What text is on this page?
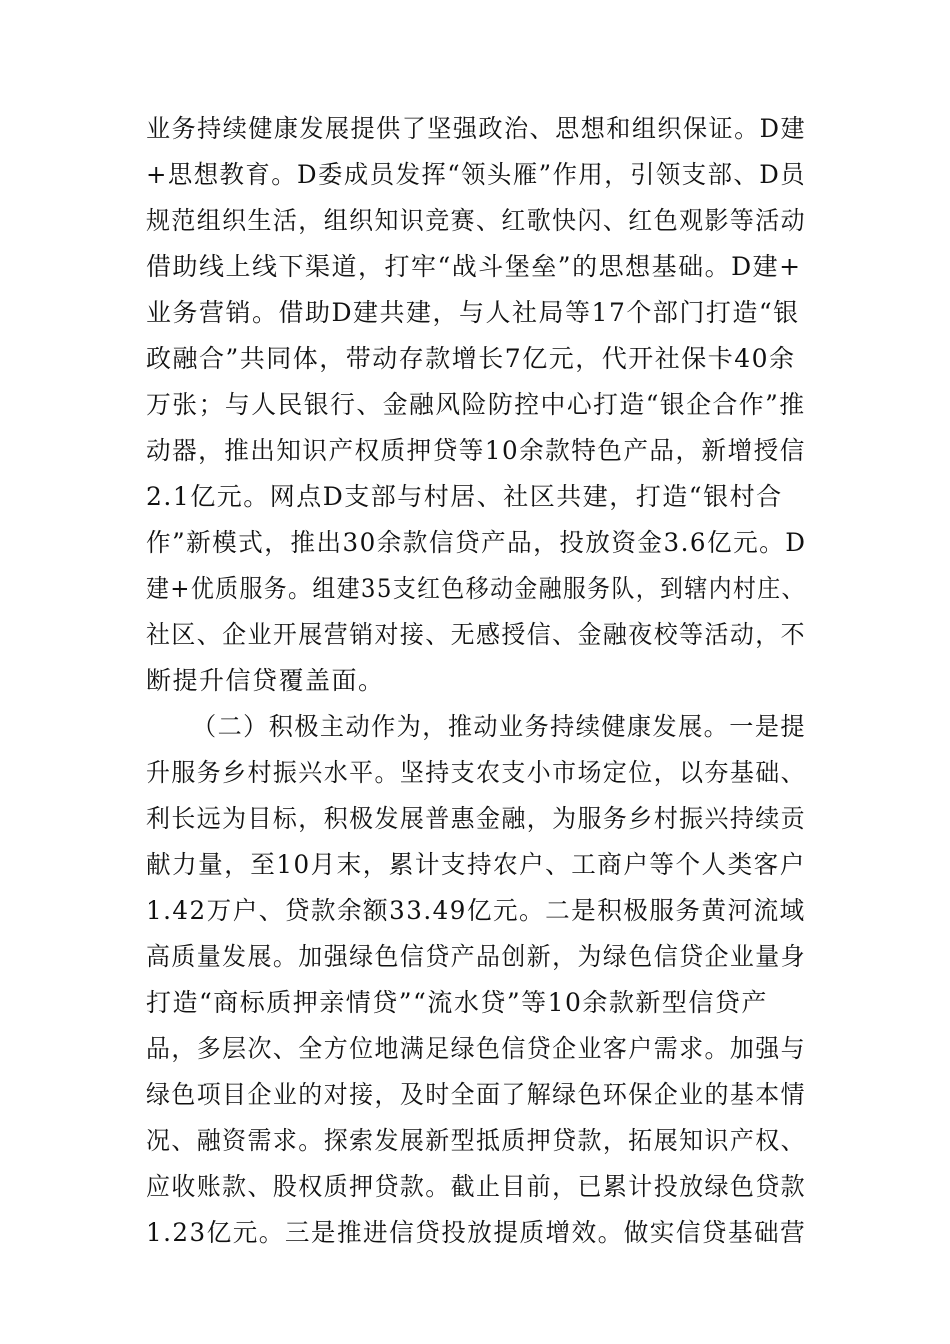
业务持续健康发展提供了坚强政治、思想和组织保证。D建
+思想教育。D委成员发挥“领头雁”作用，引领支部、D员
规范组织生活，组织知识竞赛、红歌快闪、红色观影等活动
借助线上线下渠道，打牢“战斗堡垒”的思想基础。D建+
业务营销。借助D建共建，与人社局等17个部门打造“银
政融合”共同体，带动存款增长7亿元，代开社保卡40余
万张；与人民银行、金融风险防控中心打造“银企合作”推
动器，推出知识产权质押贷等10余款特色产品，新增授信
2.1亿元。网点D支部与村居、社区共建，打造“银村合
作”新模式，推出30余款信贷产品，投放资金3.6亿元。D
建+优质服务。组建35支红色移动金融服务队，到辖内村庄、
社区、企业开展营销对接、无感授信、金融夜校等活动，不
断提升信贷覆盖面。
（二）积极主动作为，推动业务持续健康发展。一是提
升服务乡村振兴水平。坚持支农支小市场定位，以夯基础、
利长远为目标，积极发展普惠金融，为服务乡村振兴持续贡
献力量，至10月末，累计支持农户、工商户等个人类客户
1.42万户、贷款余额33.49亿元。二是积极服务黄河流域
高质量发展。加强绿色信贷产品创新，为绿色信贷企业量身
打造“商标质押亲情贷”“流水贷”等10余款新型信贷产
品，多层次、全方位地满足绿色信贷企业客户需求。加强与
绿色项目企业的对接，及时全面了解绿色环保企业的基本情
况、融资需求。探索发展新型抵质押贷款，拓展知识产权、
应收账款、股权质押贷款。截止目前，已累计投放绿色贷款
1.23亿元。三是推进信贷投放提质增效。做实信贷基础营
